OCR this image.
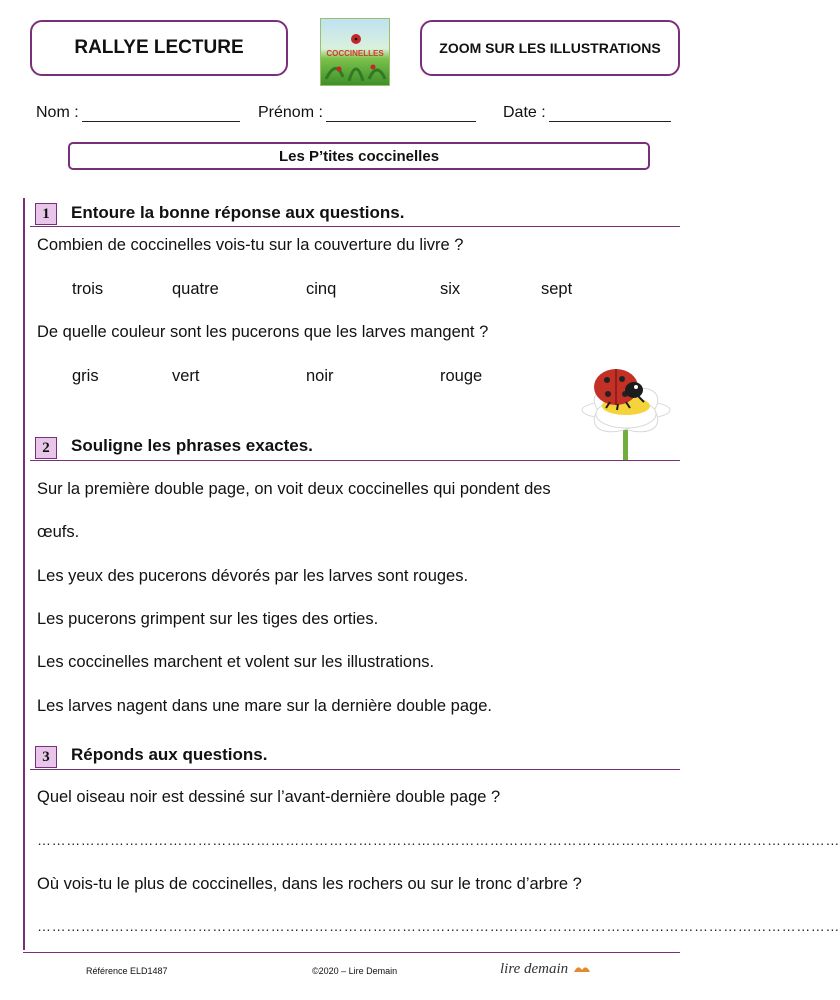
RALLYE LECTURE	COCCINELLES	ZOOM SUR LES ILLUSTRATIONS
Nom :	Prénom :	Date :
Les P’tites coccinelles
1 Entoure la bonne réponse aux questions.
Combien de coccinelles vois-tu sur la couverture du livre ?
trois	quatre	cinq	six	sept
De quelle couleur sont les pucerons que les larves mangent ?
gris	vert	noir	rouge
2 Souligne les phrases exactes.
Sur la première double page, on voit deux coccinelles qui pondent des
œufs.
Les yeux des pucerons dévorés par les larves sont rouges.
Les pucerons grimpent sur les tiges des orties.
Les coccinelles marchent et volent sur les illustrations.
Les larves nagent dans une mare sur la dernière double page.
3 Réponds aux questions.
Quel oiseau noir est dessiné sur l’avant-dernière double page ?
…………………………………………………………………………………………………………………………………………………
Où vois-tu le plus de coccinelles, dans les rochers ou sur le tronc d’arbre ?
…………………………………………………………………………………………………………………………………………………
Référence ELD1487	©2020 – Lire Demain	lire demain
